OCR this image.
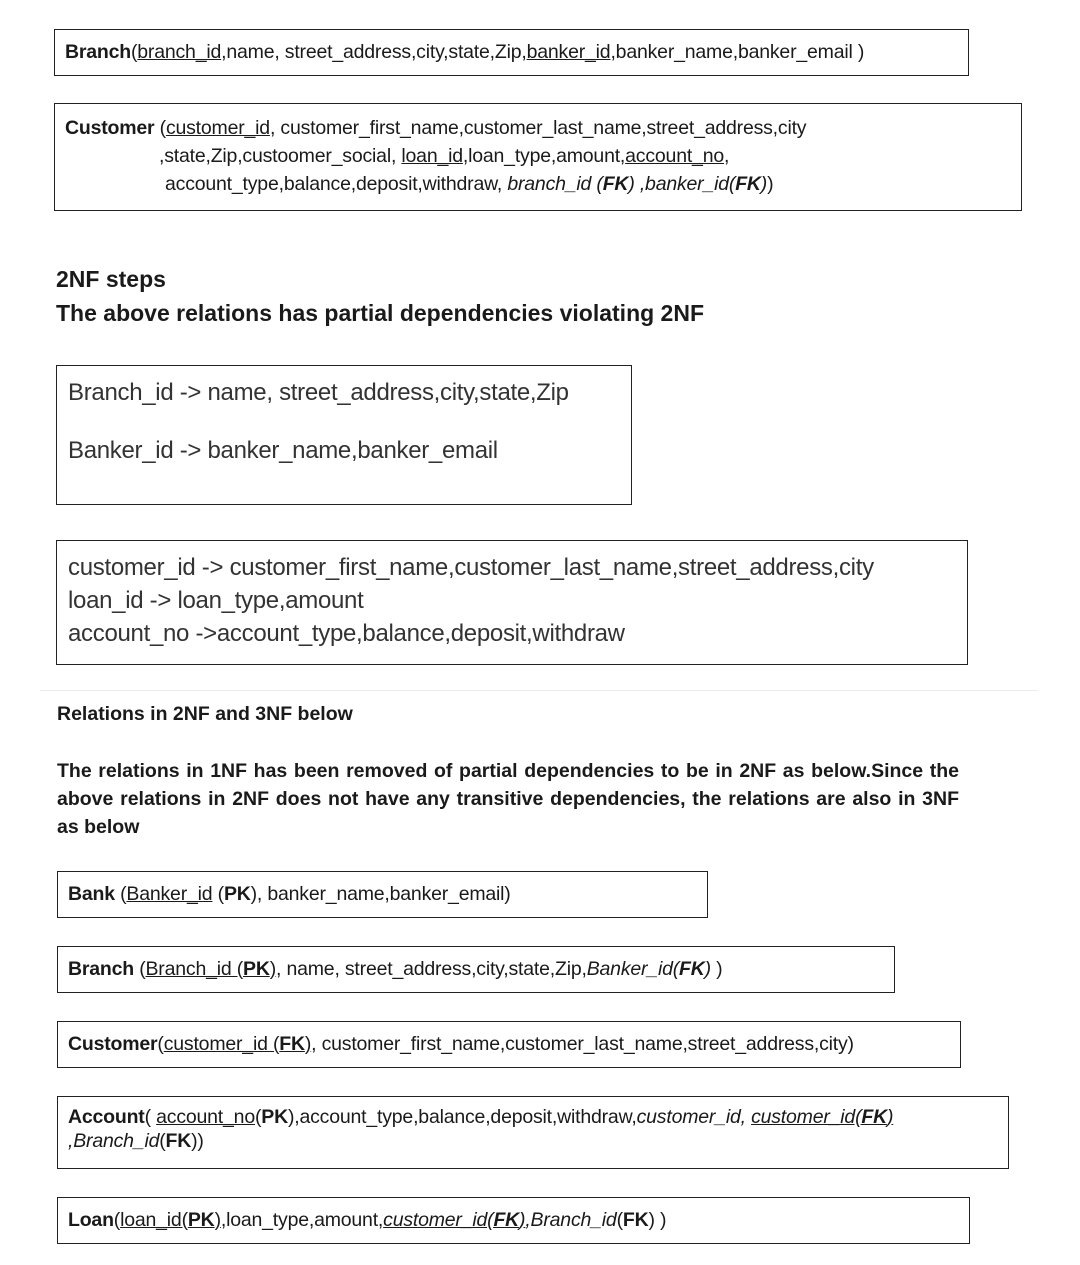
Branch(branch_id,name, street_address,city,state,Zip,banker_id,banker_name,banker_email )
Customer (customer_id, customer_first_name,customer_last_name,street_address,city
,state,Zip,custoomer_social, loan_id,loan_type,amount,account_no,
account_type,balance,deposit,withdraw, branch_id (FK) ,banker_id(FK))
2NF steps
The above relations has partial dependencies violating 2NF
Branch_id -> name, street_address,city,state,Zip
Banker_id -> banker_name,banker_email
customer_id -> customer_first_name,customer_last_name,street_address,city
loan_id -> loan_type,amount
account_no ->account_type,balance,deposit,withdraw
Relations in 2NF and 3NF below
The relations in 1NF has been removed of partial dependencies to be in 2NF as below.Since the above relations in 2NF does not have any transitive dependencies, the relations are also in 3NF as below
Bank (Banker_id (PK), banker_name,banker_email)
Branch (Branch_id (PK), name, street_address,city,state,Zip,Banker_id(FK) )
Customer(customer_id (FK), customer_first_name,customer_last_name,street_address,city)
Account( account_no(PK),account_type,balance,deposit,withdraw,customer_id, customer_id(FK)
,Branch_id(FK))
Loan(loan_id(PK),loan_type,amount,customer_id(FK),Branch_id(FK) )
